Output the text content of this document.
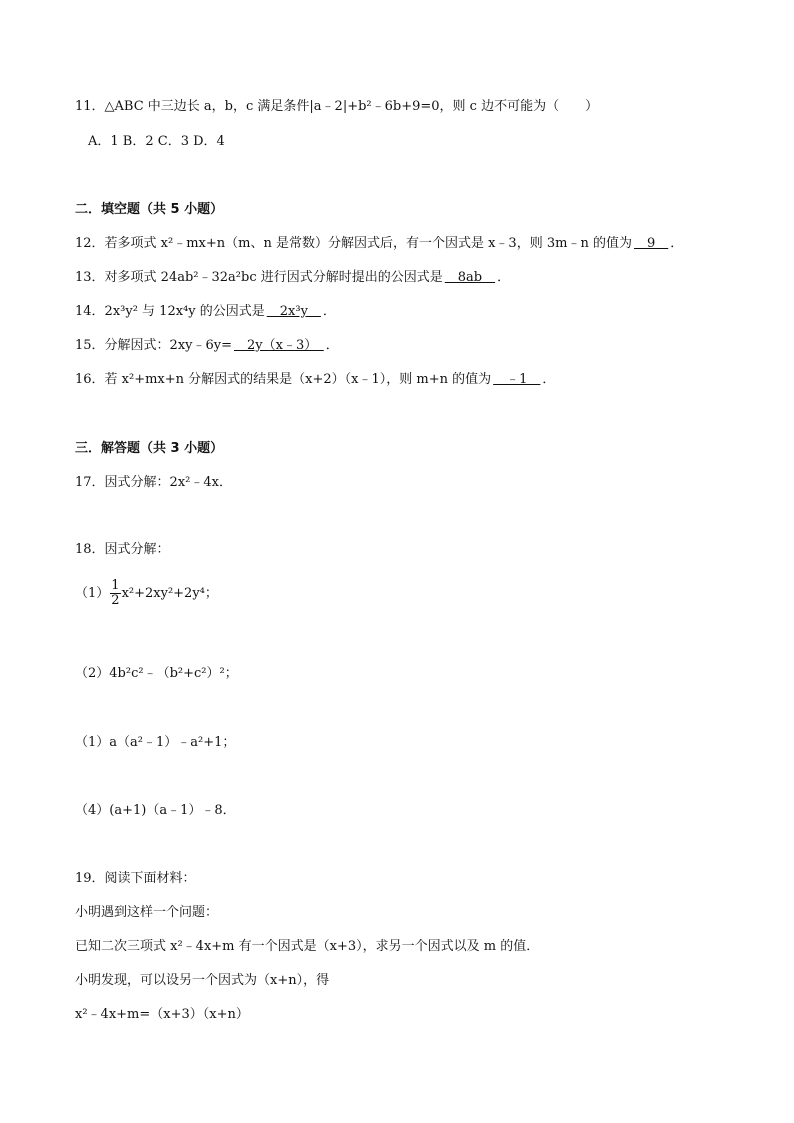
11．△ABC 中三边长 a，b，c 满足条件|a﹣2|+b²﹣6b+9=0，则 c 边不可能为（　　）
A．1 B．2 C．3 D．4
二．填空题（共 5 小题）
12．若多项式 x²﹣mx+n（m、n 是常数）分解因式后，有一个因式是 x﹣3，则 3m﹣n 的值为　9　．
13．对多项式 24ab²﹣32a²bc 进行因式分解时提出的公因式是　8ab　．
14．2x³y² 与 12x⁴y 的公因式是　2x³y　．
15．分解因式：2xy﹣6y=　2y（x﹣3）　．
16．若 x²+mx+n 分解因式的结果是（x+2）（x﹣1），则 m+n 的值为　﹣1　．
三．解答题（共 3 小题）
17．因式分解：2x²﹣4x．
18．因式分解：
$(1) \frac{1}{2} x^2+2xy^2+2y^4$；
（2）4b²c²﹣（b²+c²）²；
（1）a（a²﹣1）﹣a²+1；
（4）(a+1)（a﹣1）﹣8．
19．阅读下面材料：
小明遇到这样一个问题：
已知二次三项式 x²﹣4x+m 有一个因式是（x+3），求另一个因式以及 m 的值．
小明发现，可以设另一个因式为（x+n），得
x²﹣4x+m=（x+3）（x+n）
